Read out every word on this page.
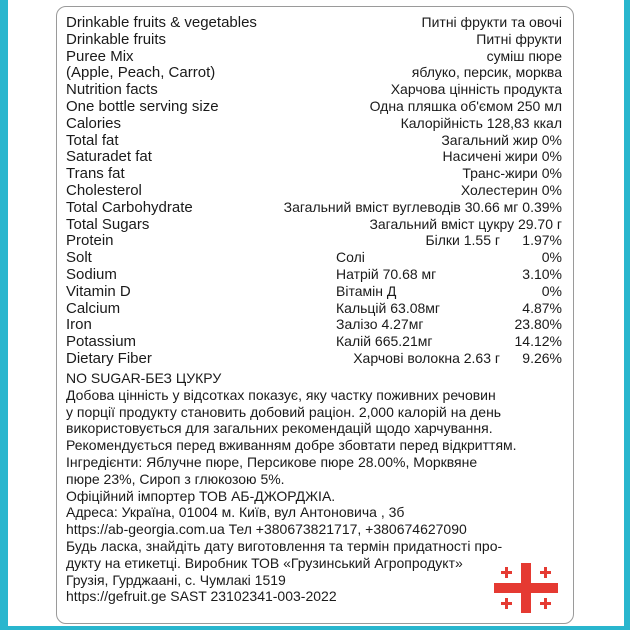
Drinkable fruits & vegetables	Питні фрукти та овочі
Drinkable fruits	Питні фрукти
Puree Mix	суміш пюре
(Apple, Peach, Carrot)	яблуко, персик, морква
Nutrition facts	Харчова цінність продукта
One bottle serving size	Одна пляшка об'ємом 250 мл
Calories	Калорійність 128,83 ккал
Total fat	Загальний жир 0%
Saturadet fat	Насичені жири 0%
Trans fat	Транс-жири 0%
Cholesterol	Холестерин 0%
Total Carbohydrate	Загальний вміст вуглеводів 30.66 мг 0.39%
Total Sugars	Загальний вміст цукру 29.70 г
Protein	Білки 1.55 г	1.97%
Solt	Солі	0%
Sodium	Натрій 70.68 мг	3.10%
Vitamin D	Вітамін Д	0%
Calcium	Кальцій 63.08мг	4.87%
Iron	Залізо 4.27мг	23.80%
Potassium	Калій 665.21мг	14.12%
Dietary Fiber	Харчові волокна 2.63 г	9.26%
NO SUGAR-БЕЗ ЦУКРУ
Добова цінність у відсотках показує, яку частку поживних речовин
у порції продукту становить добовий раціон. 2,000 калорій на день
використовується для загальних рекомендацій щодо харчування.
Рекомендується перед вживанням добре збовтати перед відкриттям.
Інгредієнти: Яблучне пюре, Персикове пюре 28.00%, Морквяне
пюре 23%, Сироп з глюкозою 5%.
Офіційний імпортер ТОВ АБ-ДЖОРДЖІА.
Адреса: Україна, 01004 м. Київ, вул Антоновича , 3б
https://ab-georgia.com.ua Тел +380673821717, +380674627090
Будь ласка, знайдіть дату виготовлення та термін придатності про-
дукту на етикетці. Виробник ТОВ «Грузинський Агропродукт»
Грузія, Гурджаані, с. Чумлакі 1519
https://gefruit.ge SAST 23102341-003-2022
